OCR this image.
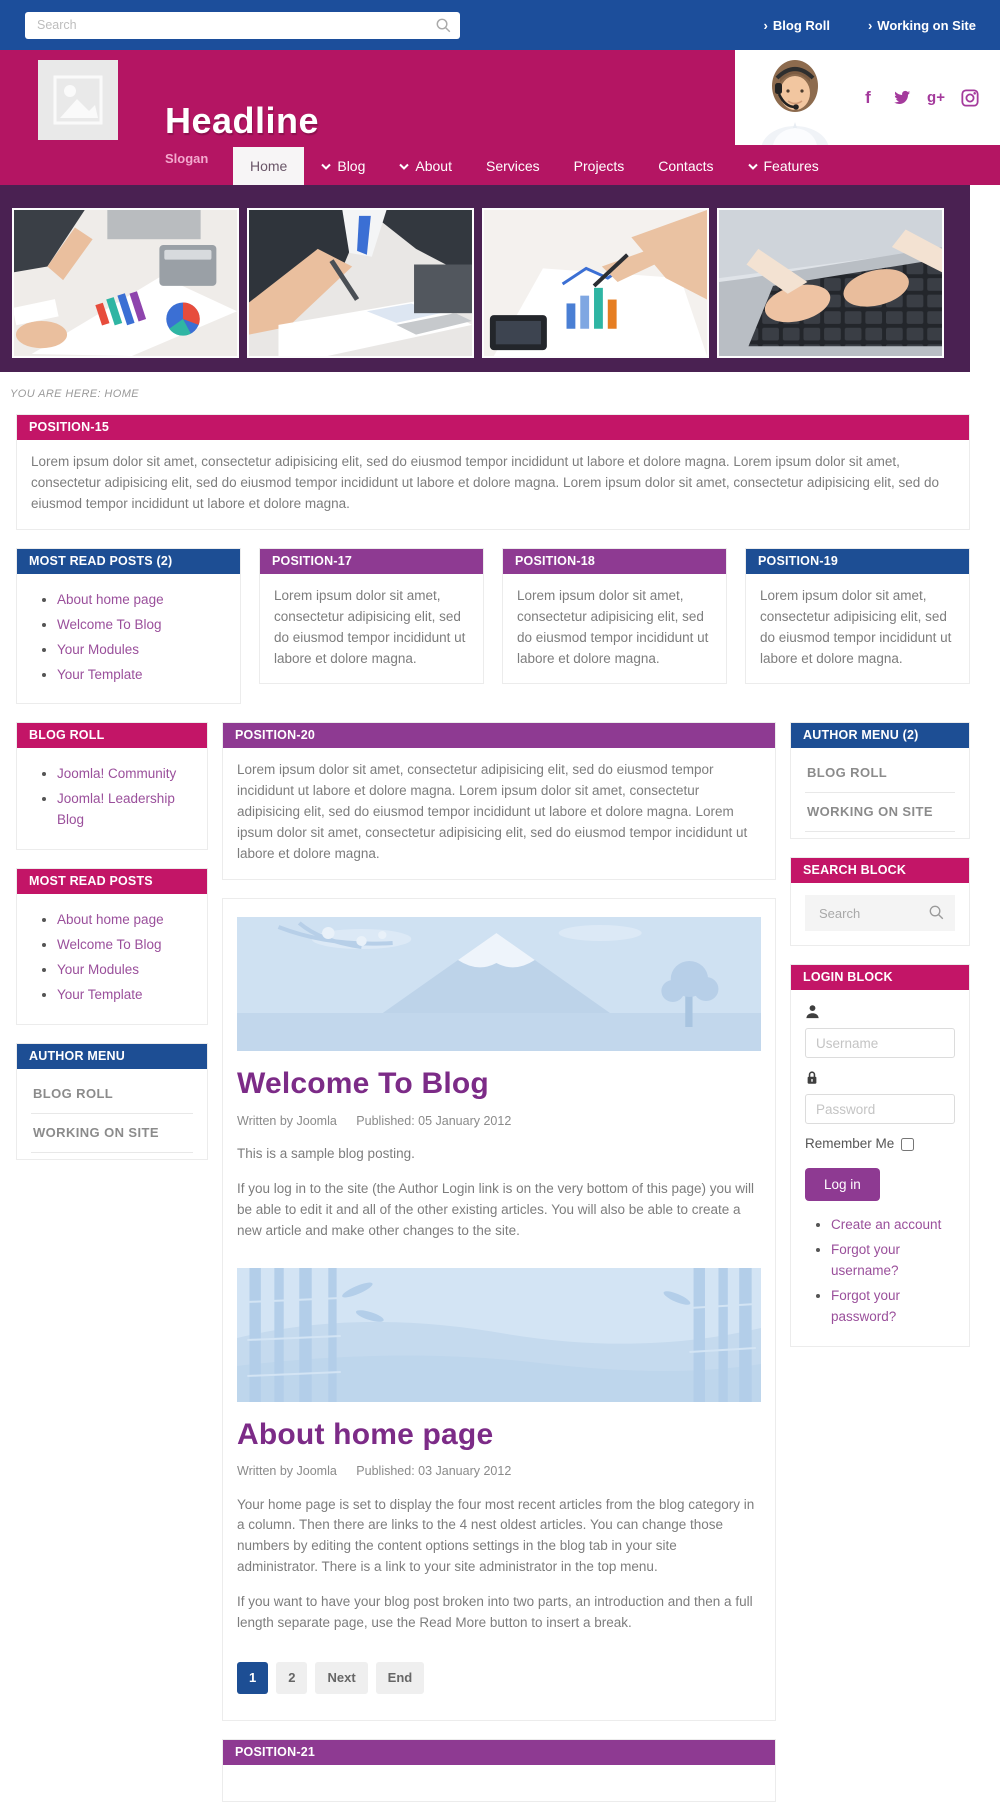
Search
› Blog Roll	› Working on Site
Headline
Slogan
f	g+
Home	Blog	About Services Projects Contacts	Features
YOU ARE HERE: HOME
POSITION-15
Lorem ipsum dolor sit amet, consectetur adipisicing elit, sed do eiusmod tempor incididunt ut labore et dolore magna. Lorem ipsum dolor sit amet, consectetur adipisicing elit, sed do eiusmod tempor incididunt ut labore et dolore magna. Lorem ipsum dolor sit amet, consectetur adipisicing elit, sed do eiusmod tempor incididunt ut labore et dolore magna.
MOST READ POSTS (2)
• About home page
• Welcome To Blog
• Your Modules
• Your Template
POSITION-17
Lorem ipsum dolor sit amet, consectetur adipisicing elit, sed do eiusmod tempor incididunt ut labore et dolore magna.
POSITION-18
Lorem ipsum dolor sit amet, consectetur adipisicing elit, sed do eiusmod tempor incididunt ut labore et dolore magna.
POSITION-19
Lorem ipsum dolor sit amet, consectetur adipisicing elit, sed do eiusmod tempor incididunt ut labore et dolore magna.
BLOG ROLL
• Joomla! Community
• Joomla! Leadership Blog
MOST READ POSTS
• About home page
• Welcome To Blog
• Your Modules
• Your Template
AUTHOR MENU
BLOG ROLL
WORKING ON SITE
POSITION-20
Lorem ipsum dolor sit amet, consectetur adipisicing elit, sed do eiusmod tempor incididunt ut labore et dolore magna. Lorem ipsum dolor sit amet, consectetur adipisicing elit, sed do eiusmod tempor incididunt ut labore et dolore magna. Lorem ipsum dolor sit amet, consectetur adipisicing elit, sed do eiusmod tempor incididunt ut labore et dolore magna.
Welcome To Blog
Written by Joomla Published: 05 January 2012

This is a sample blog posting.

If you log in to the site (the Author Login link is on the very bottom of this page) you will be able to edit it and all of the other existing articles. You will also be able to create a new article and make other changes to the site.

About home page
Written by Joomla Published: 03 January 2012

Your home page is set to display the four most recent articles from the blog category in a column. Then there are links to the 4 nest oldest articles. You can change those numbers by editing the content options settings in the blog tab in your site administrator. There is a link to your site administrator in the top menu.

If you want to have your blog post broken into two parts, an introduction and then a full length separate page, use the Read More button to insert a break.

1	2	Next	End
POSITION-21
AUTHOR MENU (2)
BLOG ROLL
WORKING ON SITE
SEARCH BLOCK
Search
LOGIN BLOCK
Username
Remember Me
Log in
• Create an account
• Forgot your username?
• Forgot your password?
